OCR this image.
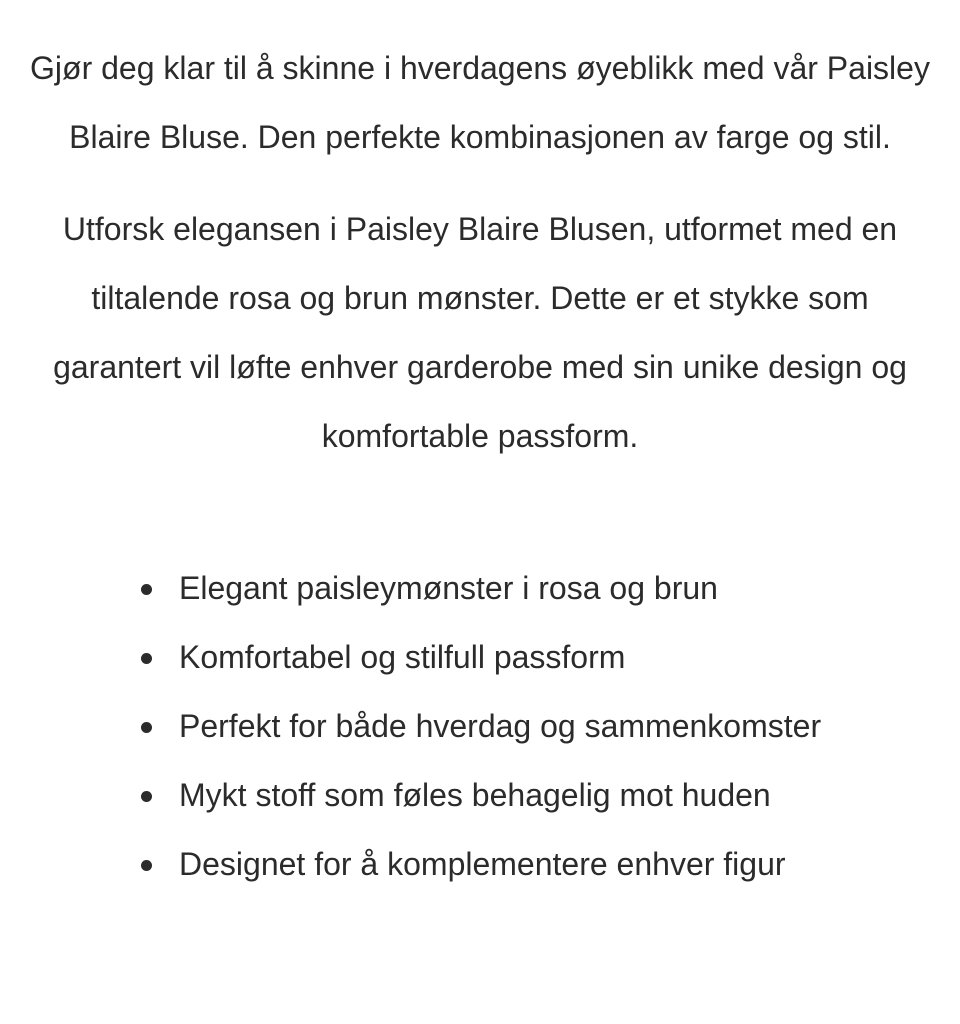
Gjør deg klar til å skinne i hverdagens øyeblikk med vår Paisley Blaire Bluse. Den perfekte kombinasjonen av farge og stil.

Utforsk elegansen i Paisley Blaire Blusen, utformet med en tiltalende rosa og brun mønster. Dette er et stykke som garantert vil løfte enhver garderobe med sin unike design og komfortable passform.

Elegant paisleymønster i rosa og brun
Komfortabel og stilfull passform
Perfekt for både hverdag og sammenkomster
Mykt stoff som føles behagelig mot huden
Designet for å komplementere enhver figur
